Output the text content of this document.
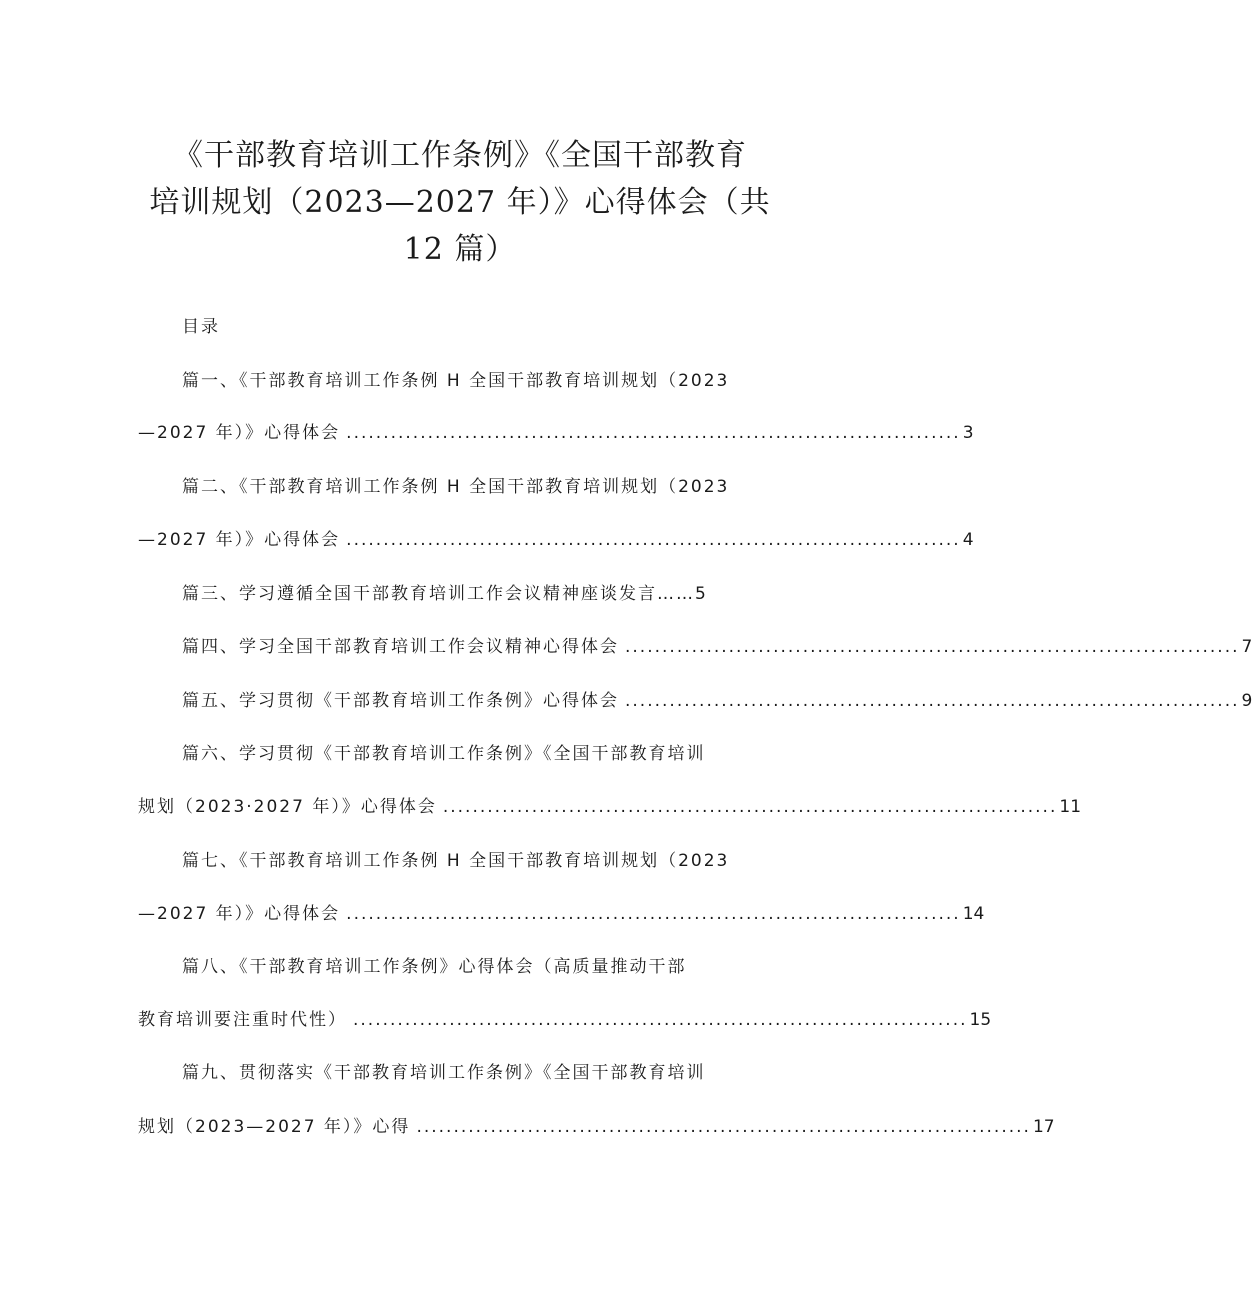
《干部教育培训工作条例》《全国干部教育
培训规划（2023—2027 年）》心得体会（共
12 篇）
目录
篇一、《干部教育培训工作条例 H 全国干部教育培训规划（2023
—2027 年）》心得体会 ................................................................................... 3
篇二、《干部教育培训工作条例 H 全国干部教育培训规划（2023
—2027 年）》心得体会 ................................................................................... 4
篇三、学习遵循全国干部教育培训工作会议精神座谈发言……5
篇四、学习全国干部教育培训工作会议精神心得体会 ................................................................................... 7
篇五、学习贯彻《干部教育培训工作条例》心得体会 ................................................................................... 9
篇六、学习贯彻《干部教育培训工作条例》《全国干部教育培训
规划（2023·2027 年）》心得体会 ................................................................................... 11
篇七、《干部教育培训工作条例 H 全国干部教育培训规划（2023
—2027 年）》心得体会 ................................................................................... 14
篇八、《干部教育培训工作条例》心得体会（高质量推动干部
教育培训要注重时代性） ................................................................................... 15
篇九、贯彻落实《干部教育培训工作条例》《全国干部教育培训
规划（2023—2027 年）》心得 ................................................................................... 17
